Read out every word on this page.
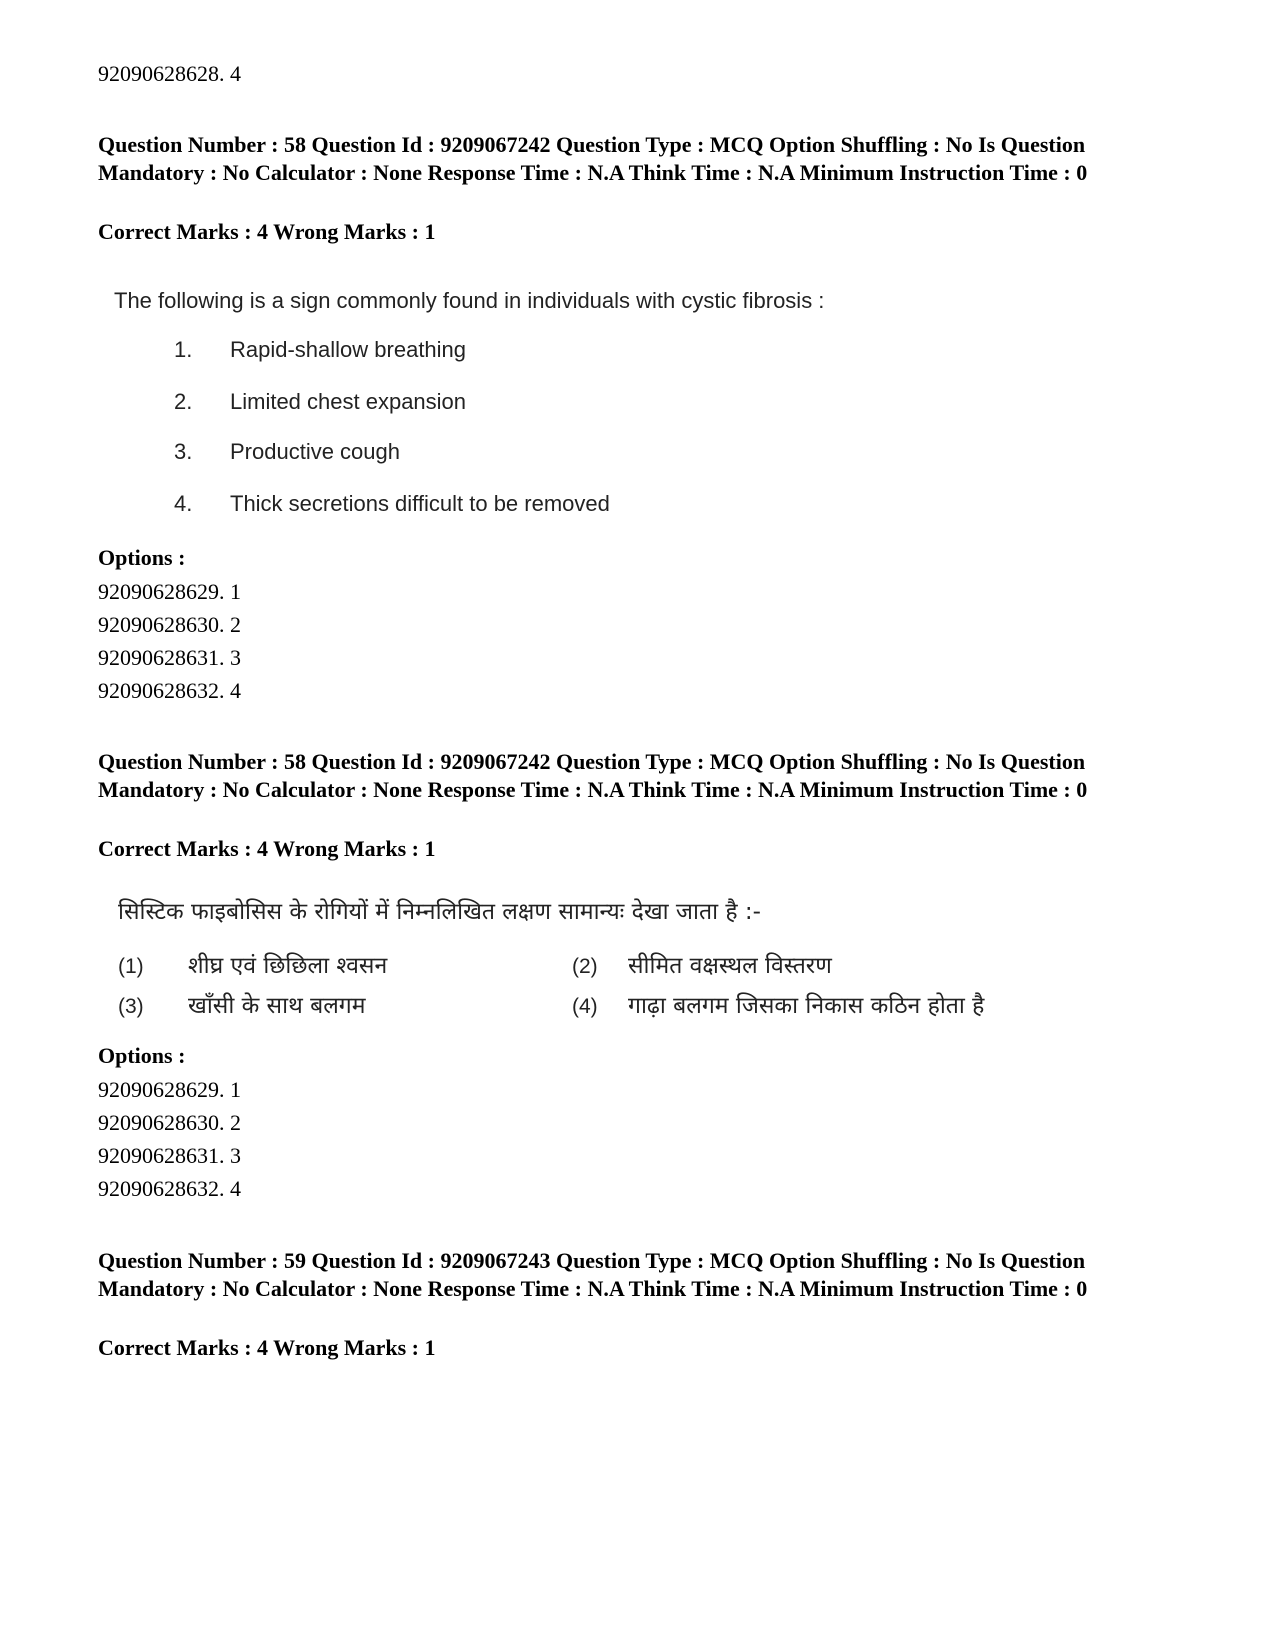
92090628628. 4
Question Number : 58 Question Id : 9209067242 Question Type : MCQ Option Shuffling : No Is Question Mandatory : No Calculator : None Response Time : N.A Think Time : N.A Minimum Instruction Time : 0
Correct Marks : 4 Wrong Marks : 1
The following is a sign commonly found in individuals with cystic fibrosis :
1. Rapid-shallow breathing
2. Limited chest expansion
3. Productive cough
4. Thick secretions difficult to be removed
Options :
92090628629. 1
92090628630. 2
92090628631. 3
92090628632. 4
Question Number : 58 Question Id : 9209067242 Question Type : MCQ Option Shuffling : No Is Question Mandatory : No Calculator : None Response Time : N.A Think Time : N.A Minimum Instruction Time : 0
Correct Marks : 4 Wrong Marks : 1
सिस्टिक फाइबोसिस के रोगियों में निम्नलिखित लक्षण सामान्यः देखा जाता है :-
(1) शीघ्र एवं छिछिला श्वसन	(2) सीमित वक्षस्थल विस्तरण
(3) खाँसी के साथ बलगम	(4) गाढ़ा बलगम जिसका निकास कठिन होता है
Options :
92090628629. 1
92090628630. 2
92090628631. 3
92090628632. 4
Question Number : 59 Question Id : 9209067243 Question Type : MCQ Option Shuffling : No Is Question Mandatory : No Calculator : None Response Time : N.A Think Time : N.A Minimum Instruction Time : 0
Correct Marks : 4 Wrong Marks : 1
